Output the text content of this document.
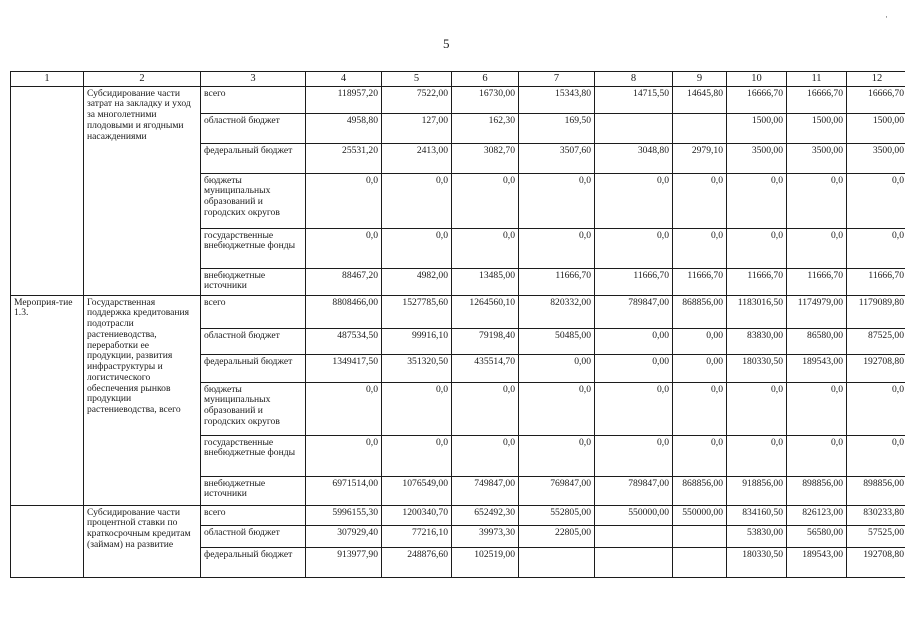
5
·
1	2	3	4	5	6	7	8	9	10	11	12
	Субсидирование части затрат на закладку и уход за многолетними плодовыми и ягодными насаждениями	всего	118957,20	7522,00	16730,00	15343,80	14715,50	14645,80	16666,70	16666,70	16666,70
		областной бюджет	4958,80	127,00	162,30	169,50			1500,00	1500,00	1500,00
		федеральный бюджет	25531,20	2413,00	3082,70	3507,60	3048,80	2979,10	3500,00	3500,00	3500,00
		бюджеты муниципальных образований и городских округов	0,0	0,0	0,0	0,0	0,0	0,0	0,0	0,0	0,0
		государственные внебюджетные фонды	0,0	0,0	0,0	0,0	0,0	0,0	0,0	0,0	0,0
		внебюджетные источники	88467,20	4982,00	13485,00	11666,70	11666,70	11666,70	11666,70	11666,70	11666,70
Мероприя-тие 1.3.	Государственная поддержка кредитования подотрасли растениеводства, переработки ее продукции, развития инфраструктуры и логистического обеспечения рынков продукции растениеводства, всего	всего	8808466,00	1527785,60	1264560,10	820332,00	789847,00	868856,00	1183016,50	1174979,00	1179089,80
		областной бюджет	487534,50	99916,10	79198,40	50485,00	0,00	0,00	83830,00	86580,00	87525,00
		федеральный бюджет	1349417,50	351320,50	435514,70	0,00	0,00	0,00	180330,50	189543,00	192708,80
		бюджеты муниципальных образований и городских округов	0,0	0,0	0,0	0,0	0,0	0,0	0,0	0,0	0,0
		государственные внебюджетные фонды	0,0	0,0	0,0	0,0	0,0	0,0	0,0	0,0	0,0
		внебюджетные источники	6971514,00	1076549,00	749847,00	769847,00	789847,00	868856,00	918856,00	898856,00	898856,00
	Субсидирование части процентной ставки по краткосрочным кредитам (займам) на развитие	всего	5996155,30	1200340,70	652492,30	552805,00	550000,00	550000,00	834160,50	826123,00	830233,80
		областной бюджет	307929,40	77216,10	39973,30	22805,00			53830,00	56580,00	57525,00
		федеральный бюджет	913977,90	248876,60	102519,00				180330,50	189543,00	192708,80
